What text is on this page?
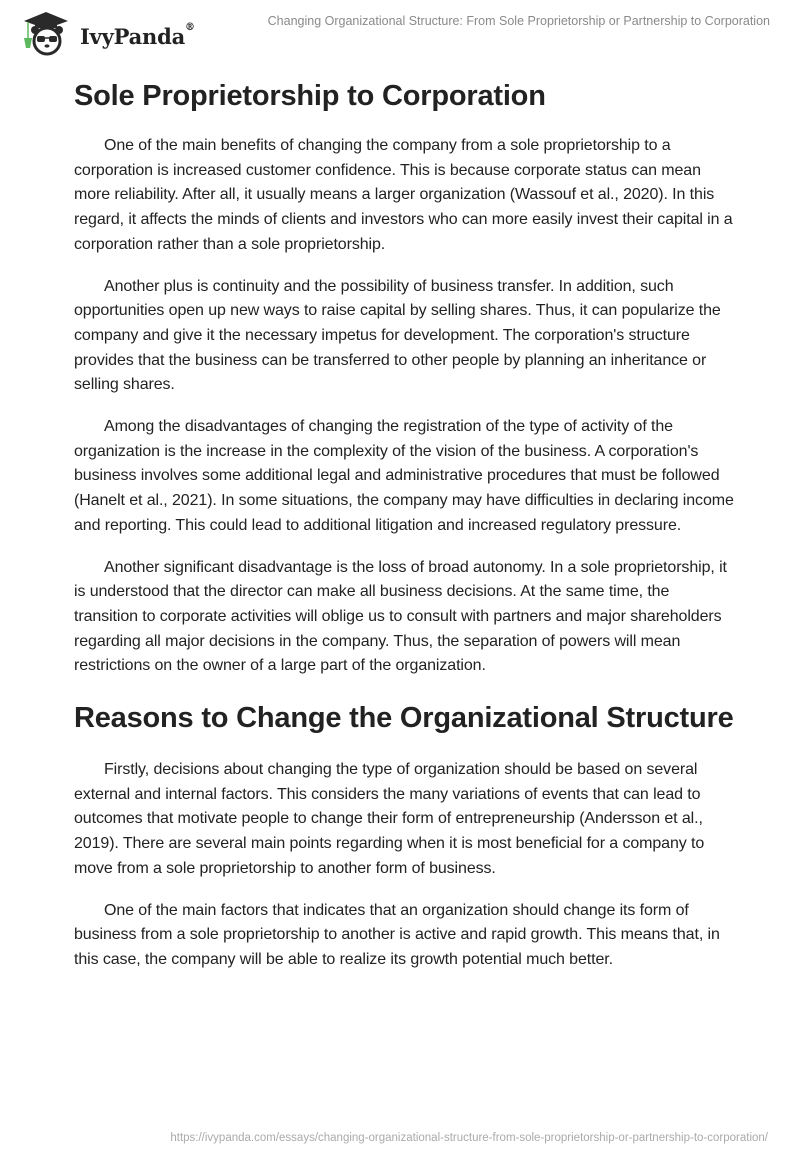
IvyPanda®	Changing Organizational Structure: From Sole Proprietorship or Partnership to Corporation
Sole Proprietorship to Corporation

One of the main benefits of changing the company from a sole proprietorship to a corporation is increased customer confidence. This is because corporate status can mean more reliability. After all, it usually means a larger organization (Wassouf et al., 2020). In this regard, it affects the minds of clients and investors who can more easily invest their capital in a corporation rather than a sole proprietorship.

Another plus is continuity and the possibility of business transfer. In addition, such opportunities open up new ways to raise capital by selling shares. Thus, it can popularize the company and give it the necessary impetus for development. The corporation's structure provides that the business can be transferred to other people by planning an inheritance or selling shares.

Among the disadvantages of changing the registration of the type of activity of the organization is the increase in the complexity of the vision of the business. A corporation's business involves some additional legal and administrative procedures that must be followed (Hanelt et al., 2021). In some situations, the company may have difficulties in declaring income and reporting. This could lead to additional litigation and increased regulatory pressure.

Another significant disadvantage is the loss of broad autonomy. In a sole proprietorship, it is understood that the director can make all business decisions. At the same time, the transition to corporate activities will oblige us to consult with partners and major shareholders regarding all major decisions in the company. Thus, the separation of powers will mean restrictions on the owner of a large part of the organization.

Reasons to Change the Organizational Structure

Firstly, decisions about changing the type of organization should be based on several external and internal factors. This considers the many variations of events that can lead to outcomes that motivate people to change their form of entrepreneurship (Andersson et al., 2019). There are several main points regarding when it is most beneficial for a company to move from a sole proprietorship to another form of business.

One of the main factors that indicates that an organization should change its form of business from a sole proprietorship to another is active and rapid growth. This means that, in this case, the company will be able to realize its growth potential much better.

https://ivypanda.com/essays/changing-organizational-structure-from-sole-proprietorship-or-partnership-to-corporation/
